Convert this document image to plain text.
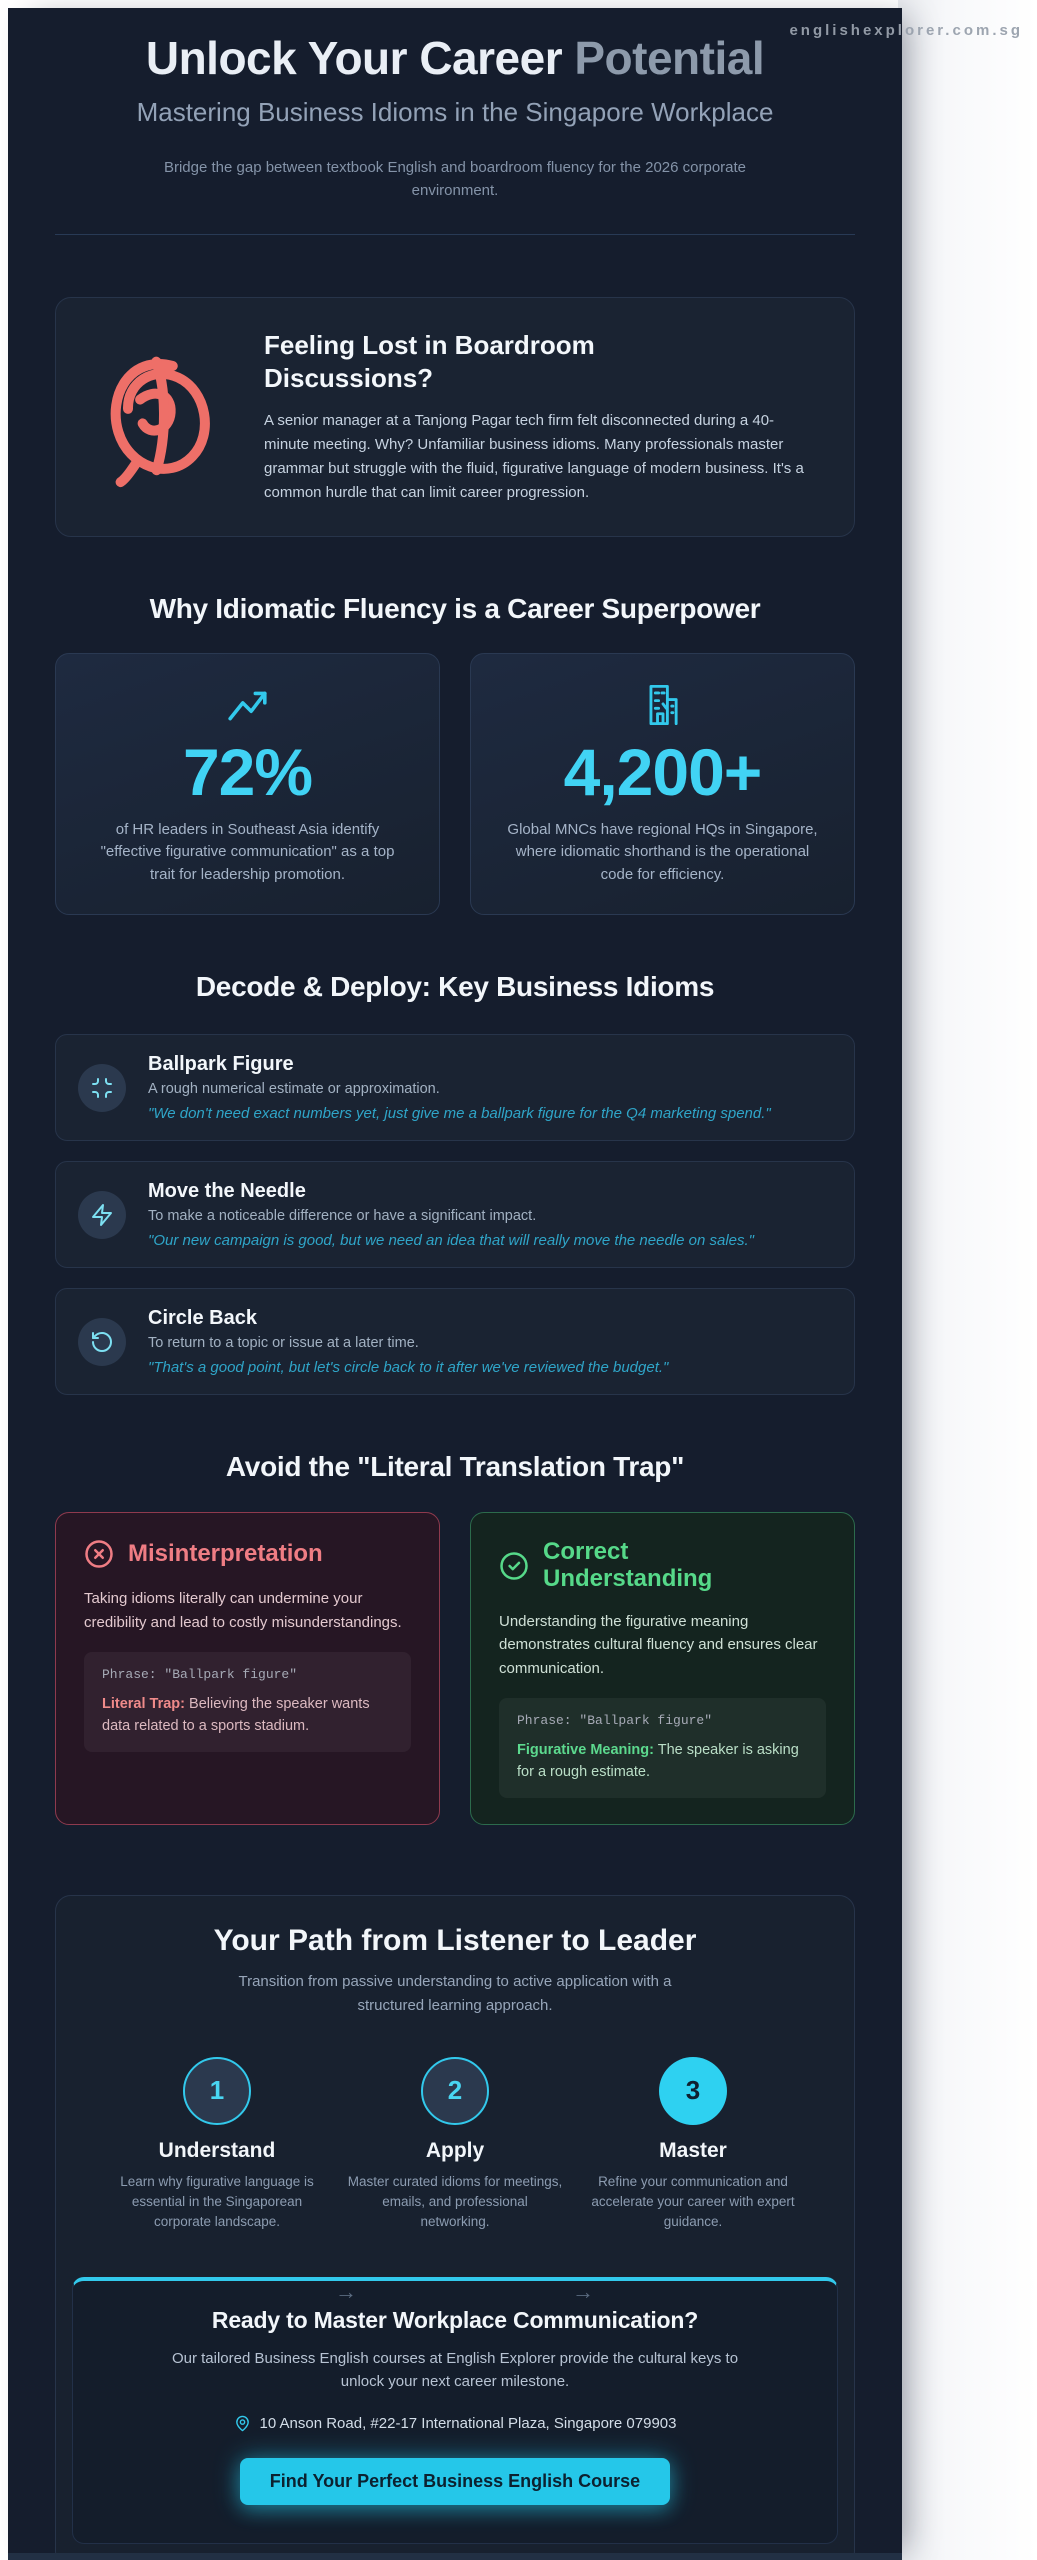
englishexplorer.com.sg
Unlock Your Career Potential
Mastering Business Idioms in the Singapore Workplace

Bridge the gap between textbook English and boardroom fluency for the 2026 corporate environment.

Feeling Lost in Boardroom Discussions?

A senior manager at a Tanjong Pagar tech firm felt disconnected during a 40-minute meeting. Why? Unfamiliar business idioms. Many professionals master grammar but struggle with the fluid, figurative language of modern business. It's a common hurdle that can limit career progression.

Why Idiomatic Fluency is a Career Superpower
72%
of HR leaders in Southeast Asia identify "effective figurative communication" as a top trait for leadership promotion.
4,200+
Global MNCs have regional HQs in Singapore, where idiomatic shorthand is the operational code for efficiency.
Decode & Deploy: Key Business Idioms
Ballpark Figure
A rough numerical estimate or approximation.
"We don't need exact numbers yet, just give me a ballpark figure for the Q4 marketing spend."
Move the Needle
To make a noticeable difference or have a significant impact.
"Our new campaign is good, but we need an idea that will really move the needle on sales."
Circle Back
To return to a topic or issue at a later time.
"That's a good point, but let's circle back to it after we've reviewed the budget."
Avoid the "Literal Translation Trap"
Misinterpretation

Taking idioms literally can undermine your credibility and lead to costly misunderstandings.

Phrase: "Ballpark figure"
Literal Trap: Believing the speaker wants data related to a sports stadium.
Correct Understanding

Understanding the figurative meaning demonstrates cultural fluency and ensures clear communication.

Phrase: "Ballpark figure"
Figurative Meaning: The speaker is asking for a rough estimate.
Your Path from Listener to Leader

Transition from passive understanding to active application with a structured learning approach.

1
Understand
Learn why figurative language is essential in the Singaporean corporate landscape.
2
Apply
Master curated idioms for meetings, emails, and professional networking.
3
Master
Refine your communication and accelerate your career with expert guidance.
→	→
Ready to Master Workplace Communication?

Our tailored Business English courses at English Explorer provide the cultural keys to unlock your next career milestone.

10 Anson Road, #22-17 International Plaza, Singapore 079903
Find Your Perfect Business English Course
